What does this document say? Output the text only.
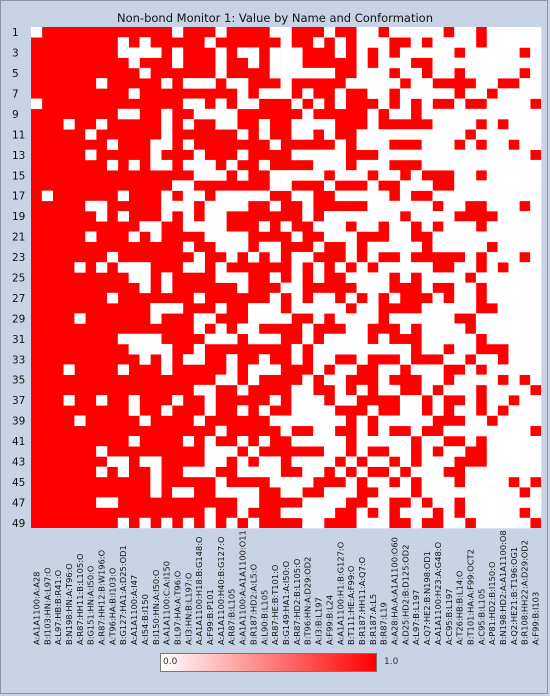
Non-bond Monitor 1: Value by Name and Conformation
1
3
5
7
9
11
13
15
17
19
21
23
25
27
29
31
33
35
37
39
41
43
45
47
49
A:A1A1100:A:A28 B:I103:HN:A:L97:O A:L97:HB:B:R41:O B:N198:HN:A:T96:O A:R87:HH11:B:L105:O B:G151:HN:A:I50:O A:R87:HH12:B:W196:O A:T96:HA:B:I103:O B:G127:HA1:A:D25:OD1 A:A1A1100:A:I47 A:I54:B:I150 B:I150:HN:A:I50:O A:A1A1100:C:A:I150 B:L97:HA:A:T96:O A:I3:HN:B:L197:O A:A1A1100:H18:B:G148:O A:F99:B:P101 A:A1A1100:H40:B:G127:O A:R87:B:L105 A:A1A1100:A:A1A1100:O11 B:R187:HD2:A:L5:O A:L90:B:L105 A:R87:HE:B:T101:O B:G149:HA1:A:I50:O A:R87:HD2:B:L105:O B:T96:HN:A:D29:OD2 A:I3:B:L197 A:F99:B:L24 A:A1A1100:H1:B:G127:O B:T111:HE:A:F99:O B:R187:HH11:A:Q7:O B:R187:A:L5 B:R87:L19 A:A28:HA:A:A1A1100:O60 A:D25:HD2:B:D125:OD2 A:L97:B:L197 A:Q7:HE2:B:N198:OD1 A:A1A1100:H23:A:G48:O A:C95:B:L197 A:T26:HB:B:L14:O B:T101:HA:A:F99:OCT2 A:C95:B:L105 A:P81:HD2:B:I150:O B:N198:HD2:A:A1A1100:O8 A:Q2:HE21:B:T196:OG1 B:R108:HH22:A:D29:OD2 A:F99:B:I103
0.0	1.0
